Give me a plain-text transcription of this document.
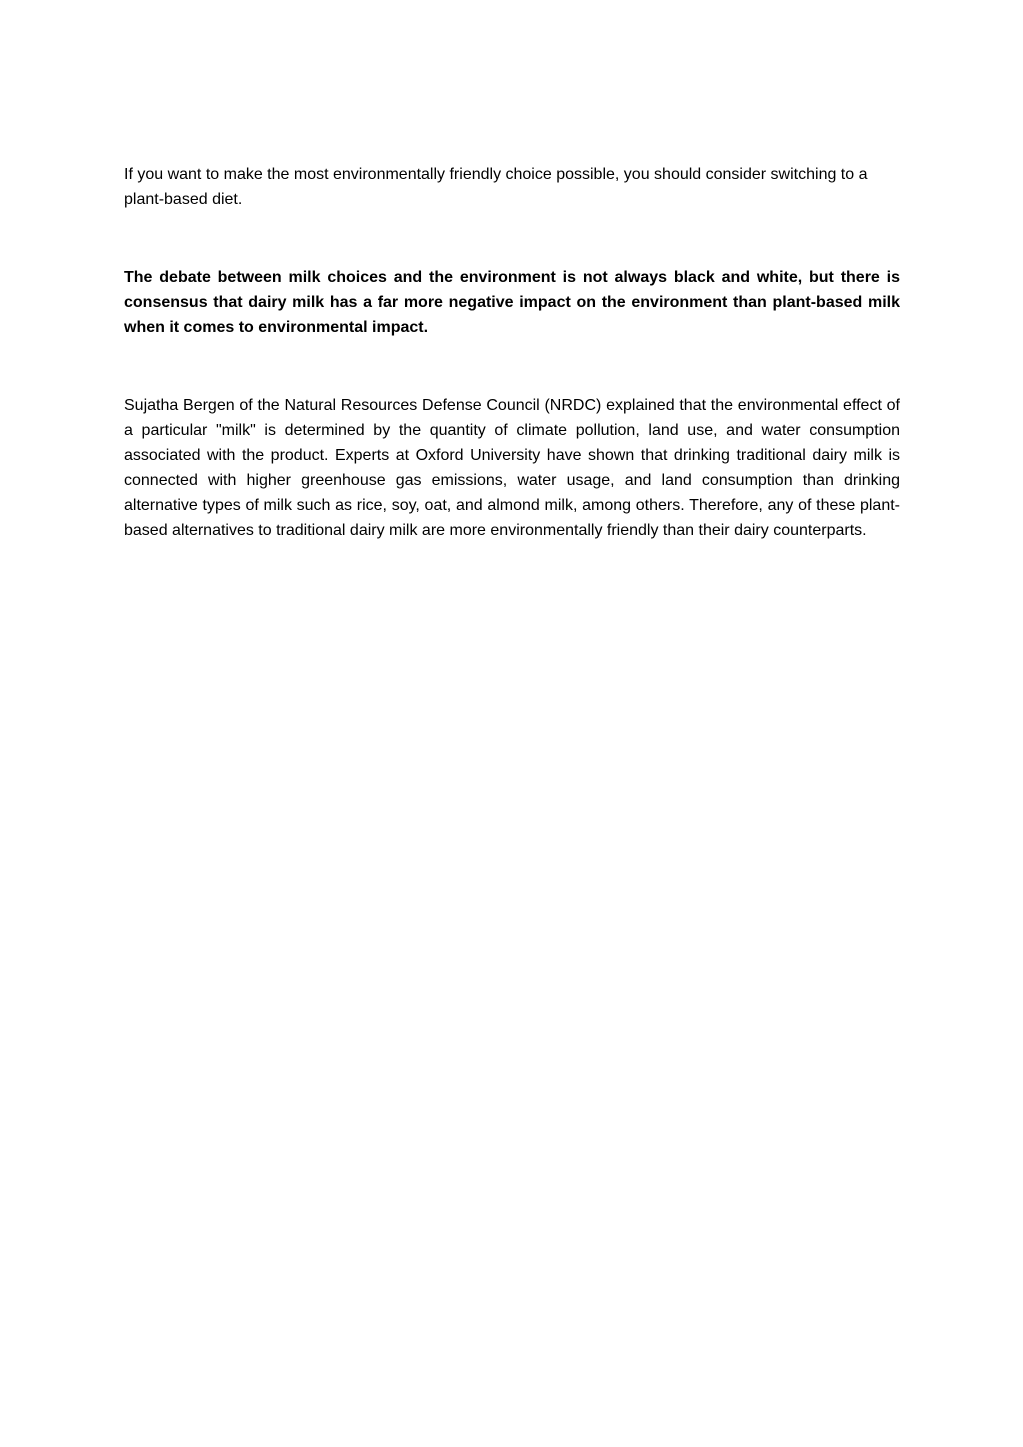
If you want to make the most environmentally friendly choice possible, you should consider switching to a plant-based diet.

The debate between milk choices and the environment is not always black and white, but there is consensus that dairy milk has a far more negative impact on the environment than plant-based milk when it comes to environmental impact.

Sujatha Bergen of the Natural Resources Defense Council (NRDC) explained that the environmental effect of a particular "milk" is determined by the quantity of climate pollution, land use, and water consumption associated with the product. Experts at Oxford University have shown that drinking traditional dairy milk is connected with higher greenhouse gas emissions, water usage, and land consumption than drinking alternative types of milk such as rice, soy, oat, and almond milk, among others. Therefore, any of these plant-based alternatives to traditional dairy milk are more environmentally friendly than their dairy counterparts.
